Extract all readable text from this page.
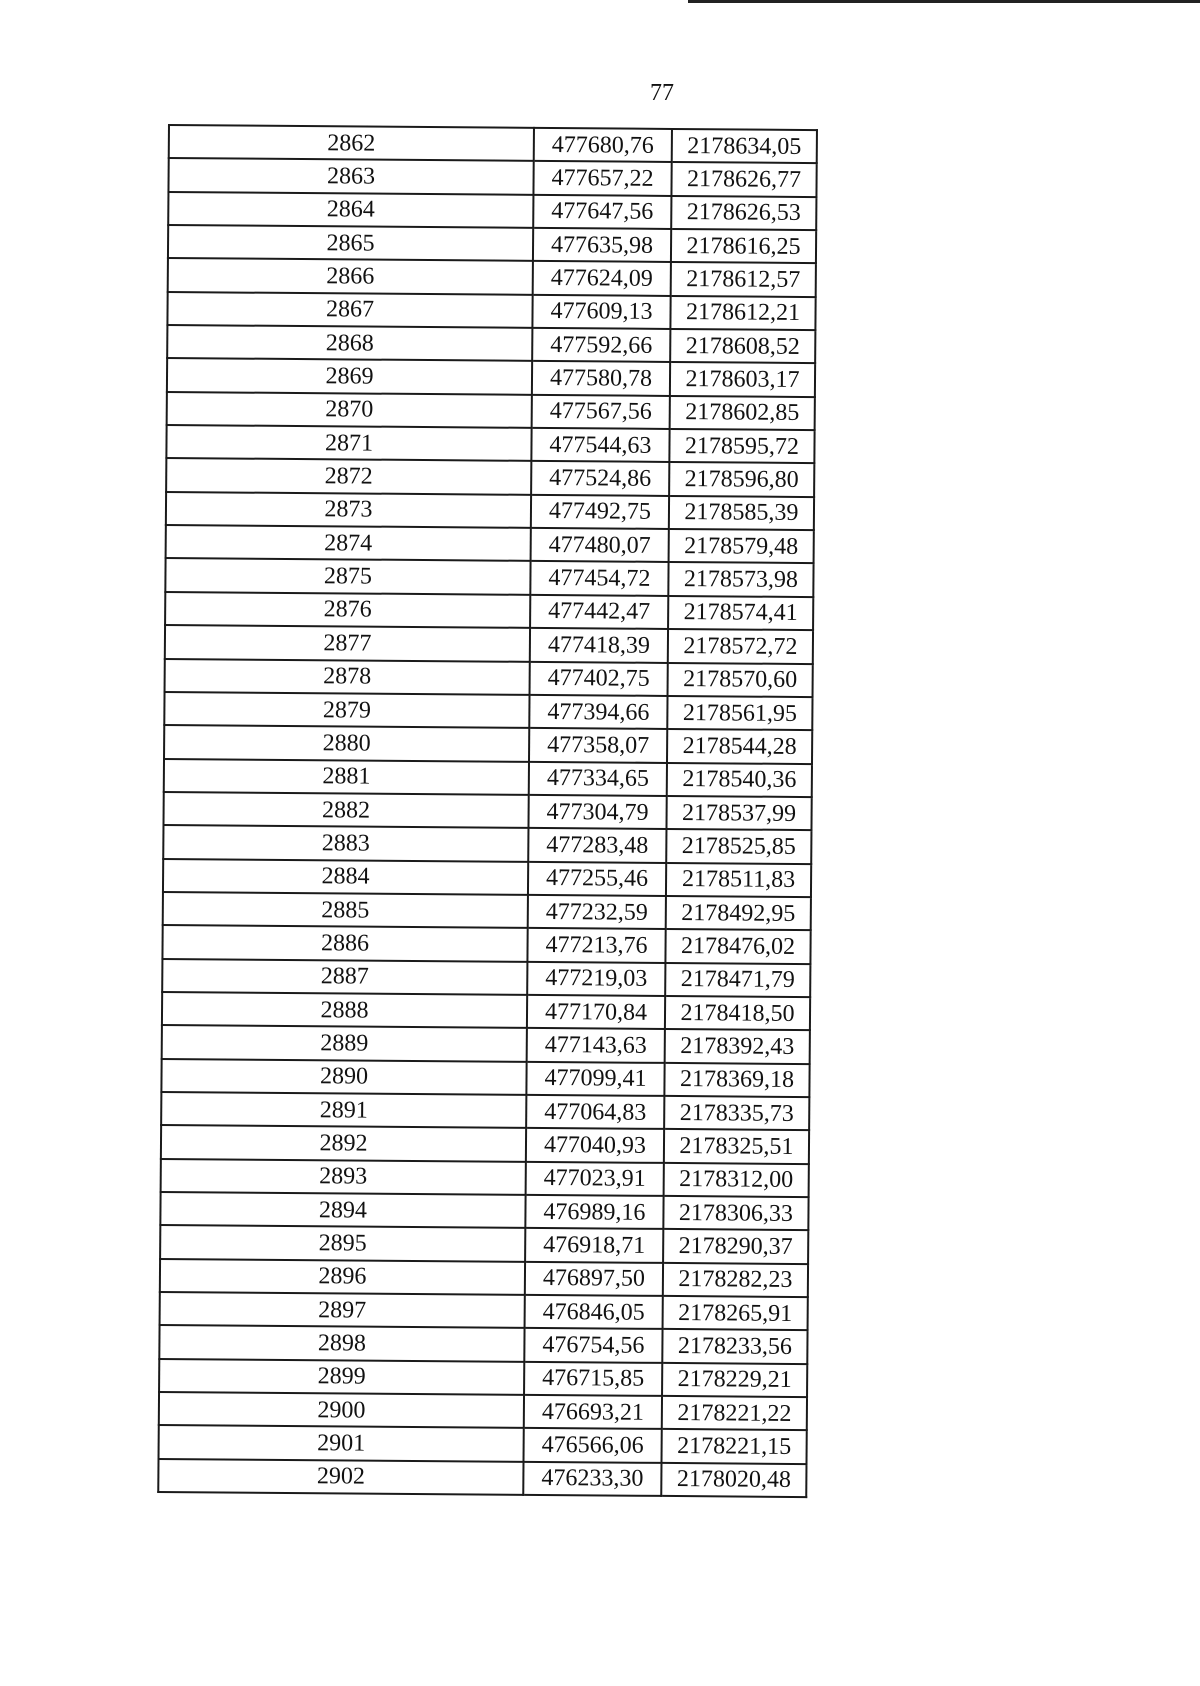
77
2862	477680,76	2178634,05
2863	477657,22	2178626,77
2864	477647,56	2178626,53
2865	477635,98	2178616,25
2866	477624,09	2178612,57
2867	477609,13	2178612,21
2868	477592,66	2178608,52
2869	477580,78	2178603,17
2870	477567,56	2178602,85
2871	477544,63	2178595,72
2872	477524,86	2178596,80
2873	477492,75	2178585,39
2874	477480,07	2178579,48
2875	477454,72	2178573,98
2876	477442,47	2178574,41
2877	477418,39	2178572,72
2878	477402,75	2178570,60
2879	477394,66	2178561,95
2880	477358,07	2178544,28
2881	477334,65	2178540,36
2882	477304,79	2178537,99
2883	477283,48	2178525,85
2884	477255,46	2178511,83
2885	477232,59	2178492,95
2886	477213,76	2178476,02
2887	477219,03	2178471,79
2888	477170,84	2178418,50
2889	477143,63	2178392,43
2890	477099,41	2178369,18
2891	477064,83	2178335,73
2892	477040,93	2178325,51
2893	477023,91	2178312,00
2894	476989,16	2178306,33
2895	476918,71	2178290,37
2896	476897,50	2178282,23
2897	476846,05	2178265,91
2898	476754,56	2178233,56
2899	476715,85	2178229,21
2900	476693,21	2178221,22
2901	476566,06	2178221,15
2902	476233,30	2178020,48
